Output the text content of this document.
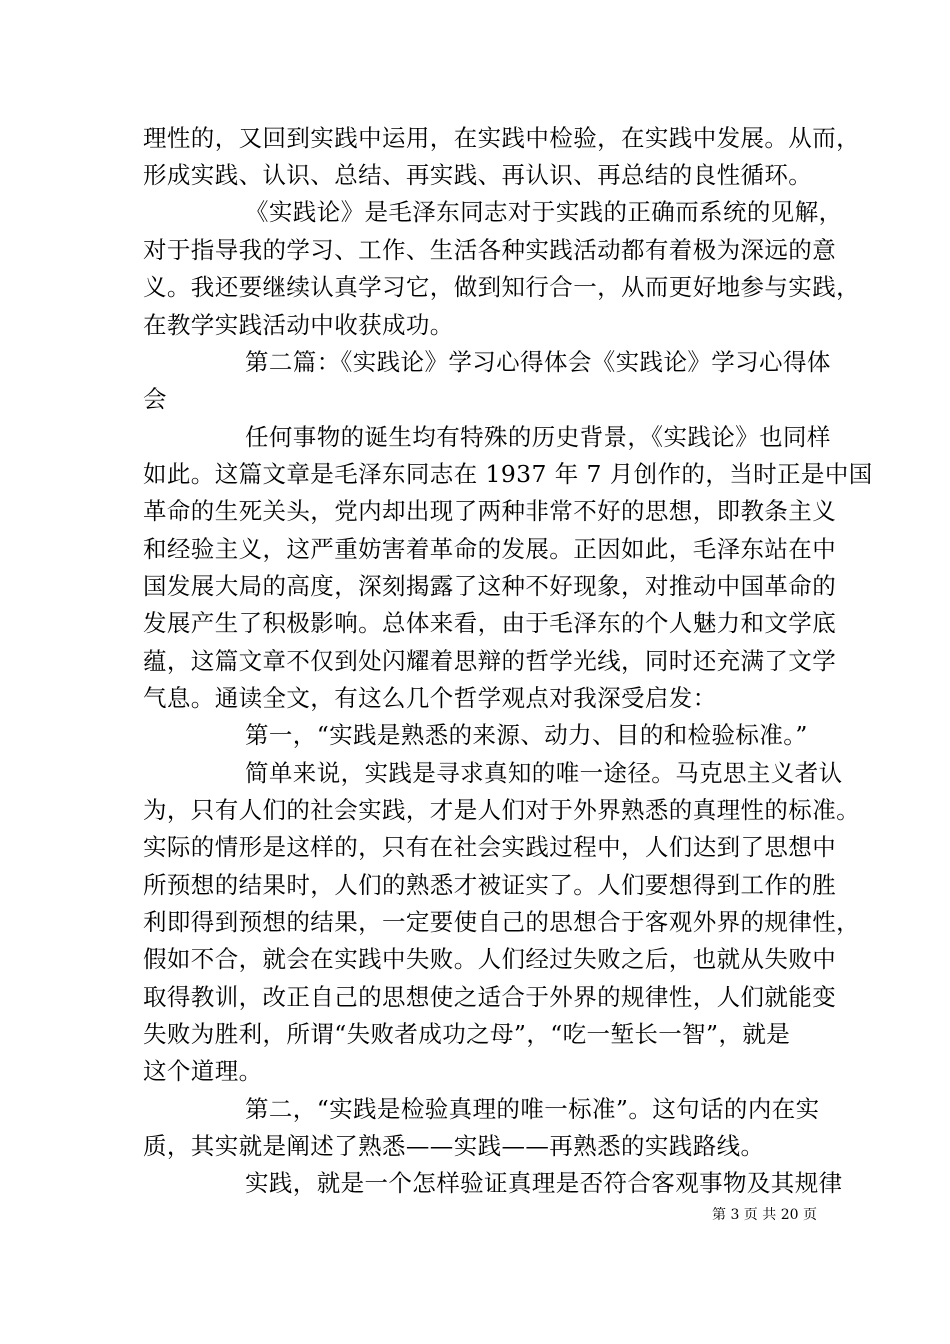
理性的，又回到实践中运用，在实践中检验，在实践中发展。从而，
形成实践、认识、总结、再实践、再认识、再总结的良性循环。
《实践论》是毛泽东同志对于实践的正确而系统的见解，
对于指导我的学习、工作、生活各种实践活动都有着极为深远的意
义。我还要继续认真学习它，做到知行合一，从而更好地参与实践，
在教学实践活动中收获成功。
第二篇：《实践论》学习心得体会《实践论》学习心得体
会
任何事物的诞生均有特殊的历史背景，《实践论》也同样
如此。这篇文章是毛泽东同志在 1937 年 7 月创作的，当时正是中国
革命的生死关头，党内却出现了两种非常不好的思想，即教条主义
和经验主义，这严重妨害着革命的发展。正因如此，毛泽东站在中
国发展大局的高度，深刻揭露了这种不好现象，对推动中国革命的
发展产生了积极影响。总体来看，由于毛泽东的个人魅力和文学底
蕴，这篇文章不仅到处闪耀着思辩的哲学光线，同时还充满了文学
气息。通读全文，有这么几个哲学观点对我深受启发：
第一，“实践是熟悉的来源、动力、目的和检验标准。”
简单来说，实践是寻求真知的唯一途径。马克思主义者认
为，只有人们的社会实践，才是人们对于外界熟悉的真理性的标准。
实际的情形是这样的，只有在社会实践过程中，人们达到了思想中
所预想的结果时，人们的熟悉才被证实了。人们要想得到工作的胜
利即得到预想的结果，一定要使自己的思想合于客观外界的规律性，
假如不合，就会在实践中失败。人们经过失败之后，也就从失败中
取得教训，改正自己的思想使之适合于外界的规律性，人们就能变
失败为胜利，所谓“失败者成功之母”，“吃一堑长一智”，就是
这个道理。
第二，“实践是检验真理的唯一标准”。这句话的内在实
质，其实就是阐述了熟悉——实践——再熟悉的实践路线。
实践，就是一个怎样验证真理是否符合客观事物及其规律
第 3 页 共 20 页
